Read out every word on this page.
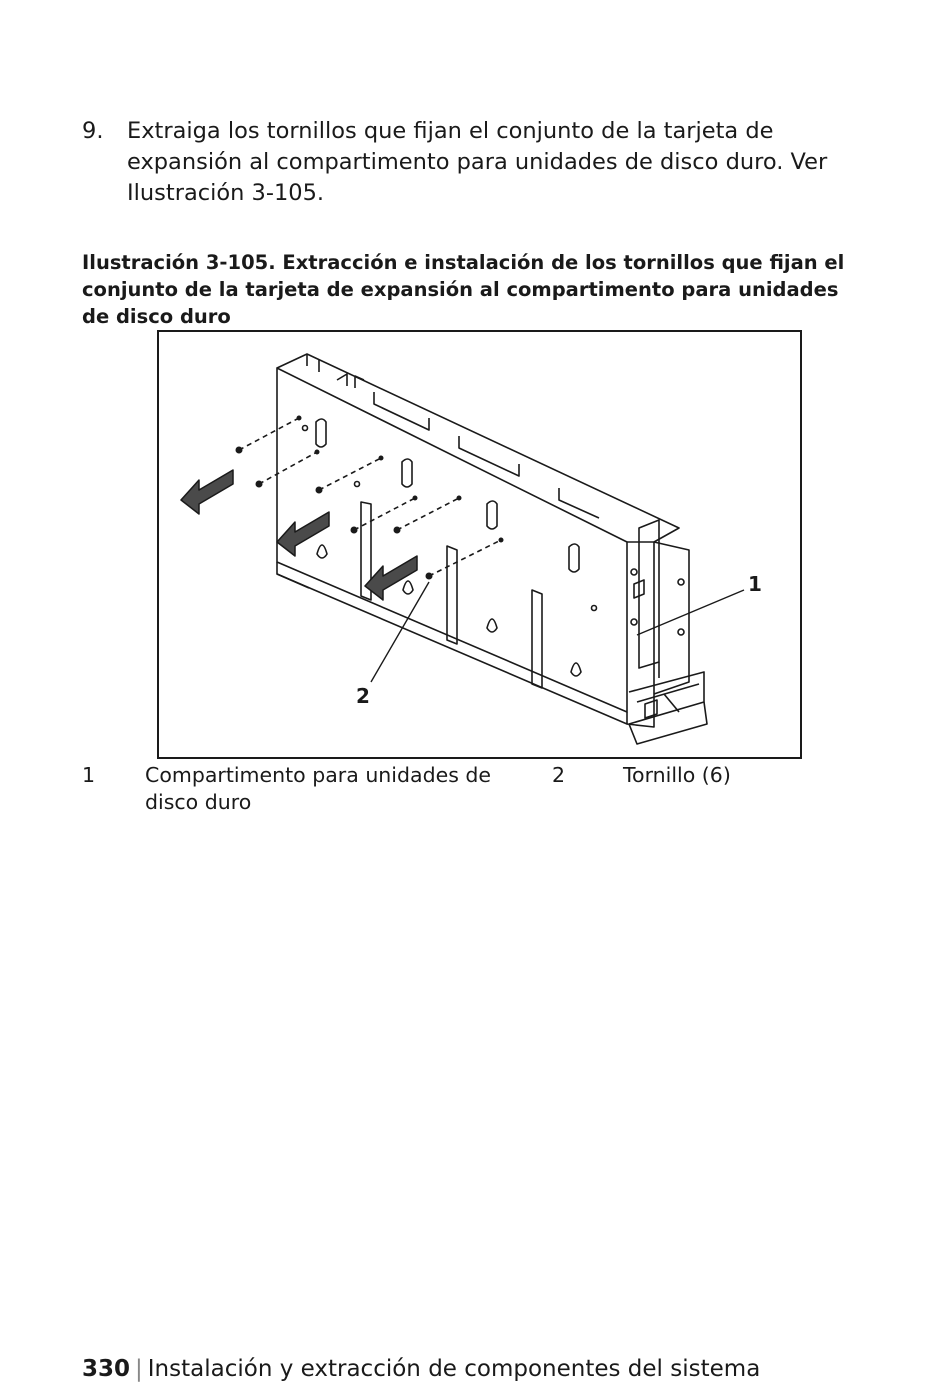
9. Extraiga los tornillos que fijan el conjunto de la tarjeta de expansión al compartimento para unidades de disco duro. Ver Ilustración 3-105.
Ilustración 3-105. Extracción e instalación de los tornillos que fijan el conjunto de la tarjeta de expansión al compartimento para unidades de disco duro
1
2
1 Compartimento para unidades de disco duro
2	Tornillo (6)
330 | Instalación y extracción de componentes del sistema
